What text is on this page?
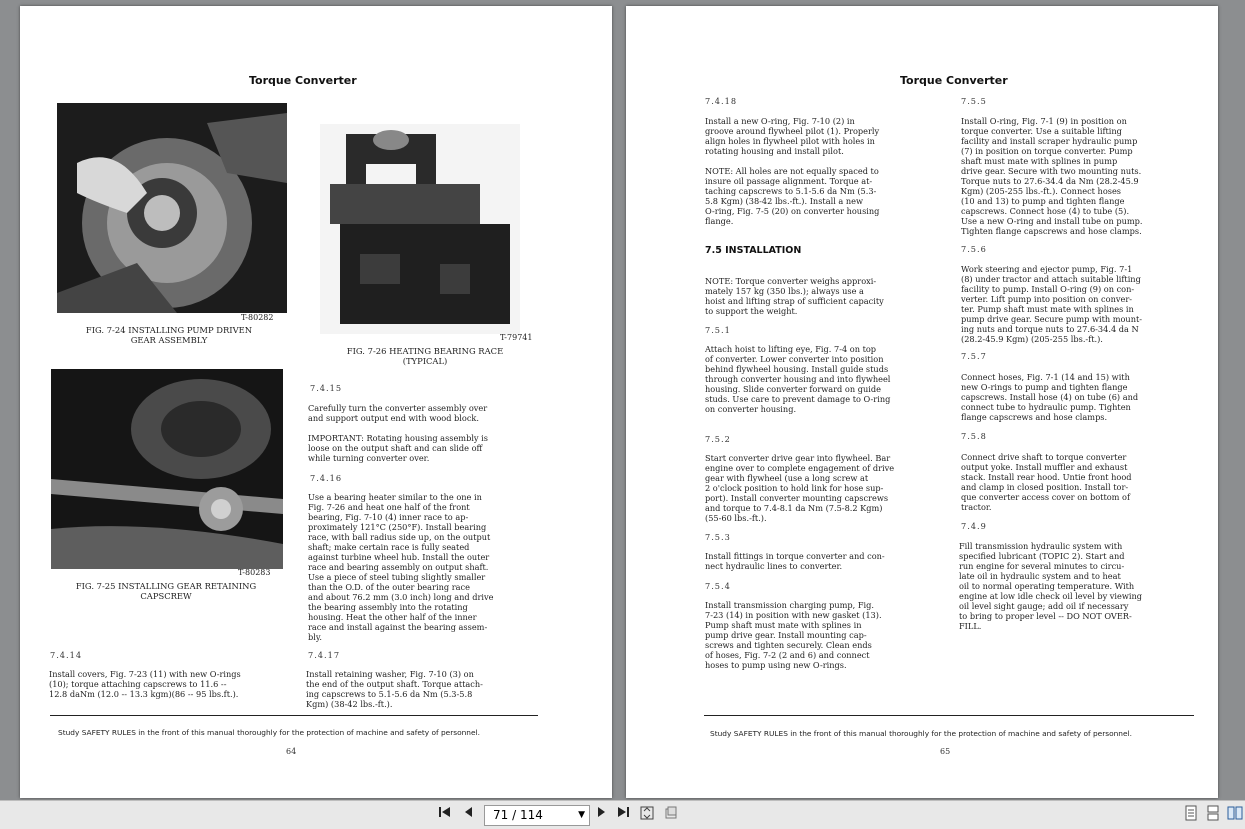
Torque Converter
T-80282
FIG. 7-24 INSTALLING PUMP DRIVEN
GEAR ASSEMBLY	T-79741
FIG. 7-26 HEATING BEARING RACE
(TYPICAL)
T-80283
FIG. 7-25 INSTALLING GEAR RETAINING
CAPSCREW
7.4.15
Carefully turn the converter assembly over
and support output end with wood block.
IMPORTANT: Rotating housing assembly is
loose on the output shaft and can slide off
while turning converter over.
7.4.16
Use a bearing heater similar to the one in
Fig. 7-26 and heat one half of the front
bearing, Fig. 7-10 (4) inner race to ap-
proximately 121°C (250°F). Install bearing
race, with ball radius side up, on the output
shaft; make certain race is fully seated
against turbine wheel hub. Install the outer
race and bearing assembly on output shaft.
Use a piece of steel tubing slightly smaller
than the O.D. of the outer bearing race
and about 76.2 mm (3.0 inch) long and drive
the bearing assembly into the rotating
housing. Heat the other half of the inner
race and install against the bearing assem-
bly.
7.4.14
Install covers, Fig. 7-23 (11) with new O-rings
(10); torque attaching capscrews to 11.6 --
12.8 daNm (12.0 -- 13.3 kgm)(86 -- 95 lbs.ft.).
7.4.17
Install retaining washer, Fig. 7-10 (3) on
the end of the output shaft. Torque attach-
ing capscrews to 5.1-5.6 da Nm (5.3-5.8
Kgm) (38-42 lbs.-ft.).
Study SAFETY RULES in the front of this manual thoroughly for the protection of machine and safety of personnel.
64
Torque Converter
7.4.18
Install a new O-ring, Fig. 7-10 (2) in
groove around flywheel pilot (1). Properly
align holes in flywheel pilot with holes in
rotating housing and install pilot.
NOTE: All holes are not equally spaced to
insure oil passage alignment. Torque at-
taching capscrews to 5.1-5.6 da Nm (5.3-
5.8 Kgm) (38-42 lbs.-ft.). Install a new
O-ring, Fig. 7-5 (20) on converter housing
flange.
7.5 INSTALLATION
NOTE: Torque converter weighs approxi-
mately 157 kg (350 lbs.); always use a
hoist and lifting strap of sufficient capacity
to support the weight.
7.5.1
Attach hoist to lifting eye, Fig. 7-4 on top
of converter. Lower converter into position
behind flywheel housing. Install guide studs
through converter housing and into flywheel
housing. Slide converter forward on guide
studs. Use care to prevent damage to O-ring
on converter housing.
7.5.2
Start converter drive gear into flywheel. Bar
engine over to complete engagement of drive
gear with flywheel (use a long screw at
2 o'clock position to hold link for hose sup-
port). Install converter mounting capscrews
and torque to 7.4-8.1 da Nm (7.5-8.2 Kgm)
(55-60 lbs.-ft.).
7.5.3
Install fittings in torque converter and con-
nect hydraulic lines to converter.
7.5.4
Install transmission charging pump, Fig.
7-23 (14) in position with new gasket (13).
Pump shaft must mate with splines in
pump drive gear. Install mounting cap-
screws and tighten securely. Clean ends
of hoses, Fig. 7-2 (2 and 6) and connect
hoses to pump using new O-rings.
7.5.5
Install O-ring, Fig. 7-1 (9) in position on
torque converter. Use a suitable lifting
facility and install scraper hydraulic pump
(7) in position on torque converter. Pump
shaft must mate with splines in pump
drive gear. Secure with two mounting nuts.
Torque nuts to 27.6-34.4 da Nm (28.2-45.9
Kgm) (205-255 lbs.-ft.). Connect hoses
(10 and 13) to pump and tighten flange
capscrews. Connect hose (4) to tube (5).
Use a new O-ring and install tube on pump.
Tighten flange capscrews and hose clamps.
7.5.6
Work steering and ejector pump, Fig. 7-1
(8) under tractor and attach suitable lifting
facility to pump. Install O-ring (9) on con-
verter. Lift pump into position on conver-
ter. Pump shaft must mate with splines in
pump drive gear. Secure pump with mount-
ing nuts and torque nuts to 27.6-34.4 da N
(28.2-45.9 Kgm) (205-255 lbs.-ft.).
7.5.7
Connect hoses, Fig. 7-1 (14 and 15) with
new O-rings to pump and tighten flange
capscrews. Install hose (4) on tube (6) and
connect tube to hydraulic pump. Tighten
flange capscrews and hose clamps.
7.5.8
Connect drive shaft to torque converter
output yoke. Install muffler and exhaust
stack. Install rear hood. Untie front hood
and clamp in closed position. Install tor-
que converter access cover on bottom of
tractor.
7.4.9
Fill transmission hydraulic system with
specified lubricant (TOPIC 2). Start and
run engine for several minutes to circu-
late oil in hydraulic system and to heat
oil to normal operating temperature. With
engine at low idle check oil level by viewing
oil level sight gauge; add oil if necessary
to bring to proper level -- DO NOT OVER-
FILL.
Study SAFETY RULES in the front of this manual thoroughly for the protection of machine and safety of personnel.
65
71 / 114	▼
